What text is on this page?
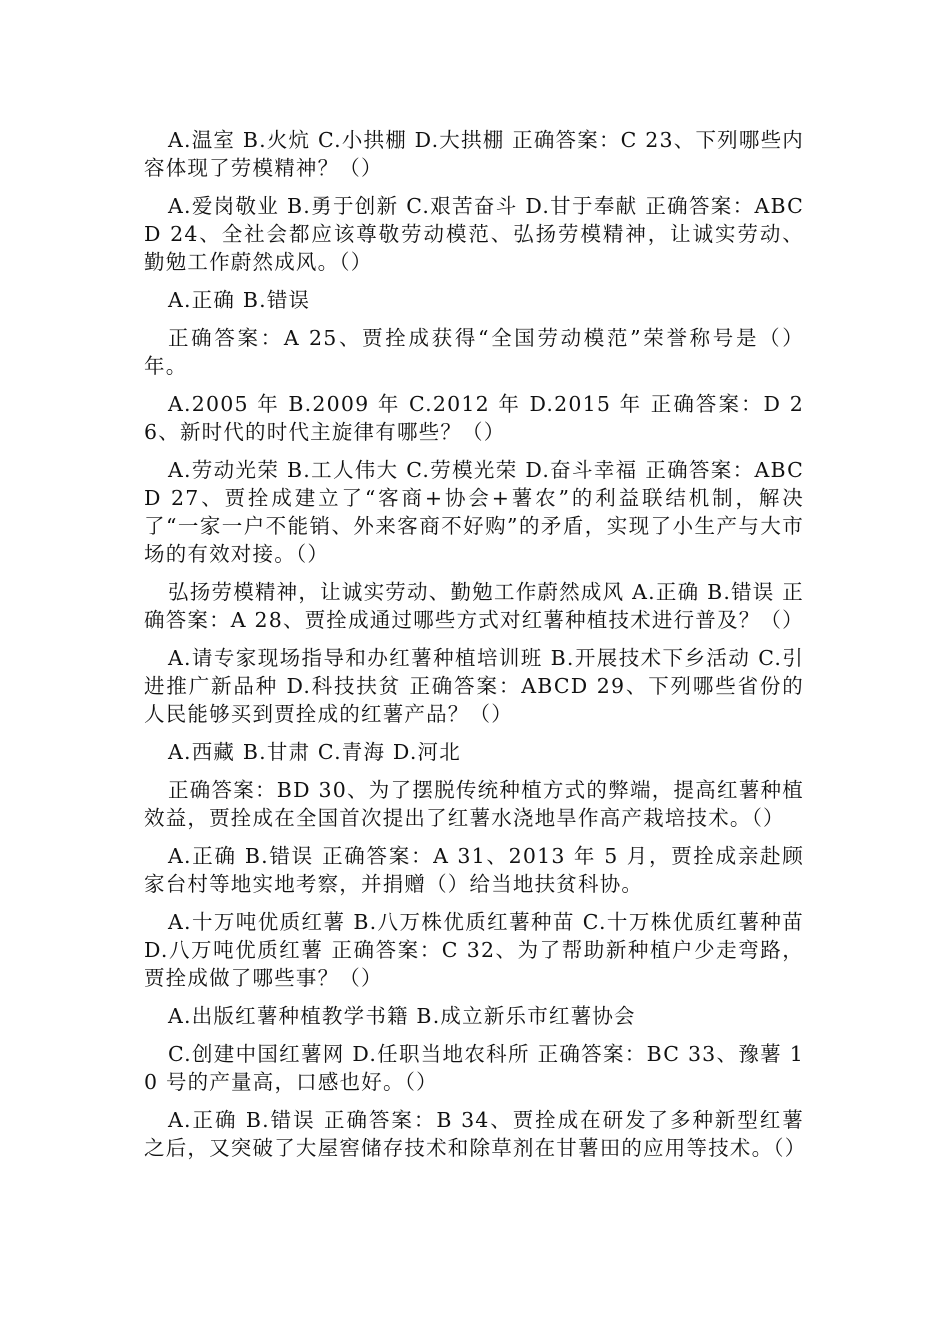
A.温室 B.火炕 C.小拱棚 D.大拱棚 正确答案：C 23、下列哪些内容体现了劳模精神？（）

A.爱岗敬业 B.勇于创新 C.艰苦奋斗 D.甘于奉献 正确答案：ABCD 24、全社会都应该尊敬劳动模范、弘扬劳模精神，让诚实劳动、勤勉工作蔚然成风。（）

A.正确 B.错误

正确答案：A 25、贾拴成获得“全国劳动模范”荣誉称号是（）年。

A.2005 年 B.2009 年 C.2012 年 D.2015 年 正确答案：D 26、新时代的时代主旋律有哪些？（）

A.劳动光荣 B.工人伟大 C.劳模光荣 D.奋斗幸福 正确答案：ABCD 27、贾拴成建立了“客商+协会+薯农”的利益联结机制，解决了“一家一户不能销、外来客商不好购”的矛盾，实现了小生产与大市场的有效对接。（）

弘扬劳模精神，让诚实劳动、勤勉工作蔚然成风 A.正确 B.错误 正确答案：A 28、贾拴成通过哪些方式对红薯种植技术进行普及？（）

A.请专家现场指导和办红薯种植培训班 B.开展技术下乡活动 C.引进推广新品种 D.科技扶贫 正确答案：ABCD 29、下列哪些省份的人民能够买到贾拴成的红薯产品？（）

A.西藏 B.甘肃 C.青海 D.河北

正确答案：BD 30、为了摆脱传统种植方式的弊端，提高红薯种植效益，贾拴成在全国首次提出了红薯水浇地旱作高产栽培技术。（）

A.正确 B.错误 正确答案：A 31、2013 年 5 月，贾拴成亲赴顾家台村等地实地考察，并捐赠（）给当地扶贫科协。

A.十万吨优质红薯 B.八万株优质红薯种苗 C.十万株优质红薯种苗 D.八万吨优质红薯 正确答案：C 32、为了帮助新种植户少走弯路，贾拴成做了哪些事？（）

A.出版红薯种植教学书籍 B.成立新乐市红薯协会

C.创建中国红薯网 D.任职当地农科所 正确答案：BC 33、豫薯 10 号的产量高，口感也好。（）

A.正确 B.错误 正确答案：B 34、贾拴成在研发了多种新型红薯之后，又突破了大屋窖储存技术和除草剂在甘薯田的应用等技术。（）
